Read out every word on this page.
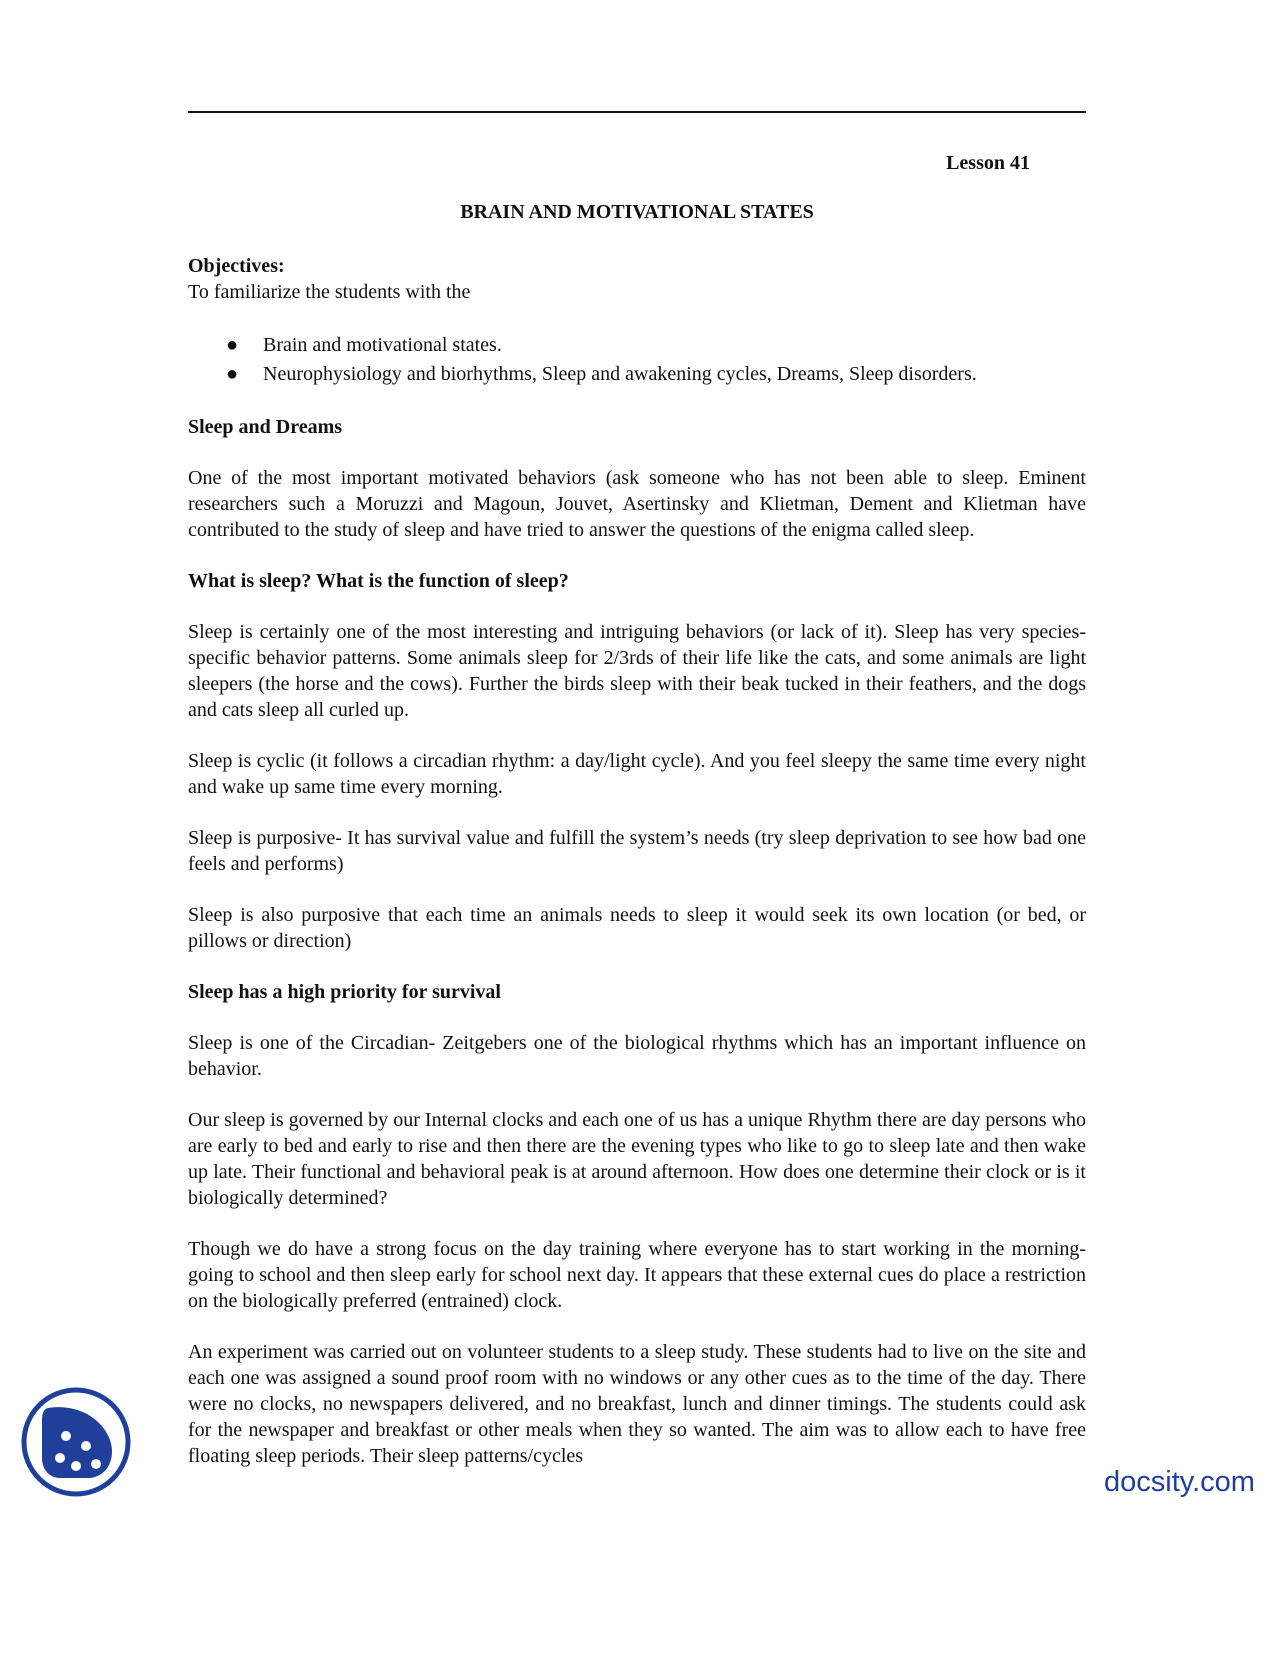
Lesson 41
BRAIN AND MOTIVATIONAL STATES

Objectives:

To familiarize the students with the

● Brain and motivational states.
● Neurophysiology and biorhythms, Sleep and awakening cycles, Dreams, Sleep disorders.

Sleep and Dreams

One of the most important motivated behaviors (ask someone who has not been able to sleep. Eminent researchers such a Moruzzi and Magoun, Jouvet, Asertinsky and Klietman, Dement and Klietman have contributed to the study of sleep and have tried to answer the questions of the enigma called sleep.

What is sleep? What is the function of sleep?

Sleep is certainly one of the most interesting and intriguing behaviors (or lack of it). Sleep has very species- specific behavior patterns. Some animals sleep for 2/3rds of their life like the cats, and some animals are light sleepers (the horse and the cows). Further the birds sleep with their beak tucked in their feathers, and the dogs and cats sleep all curled up.

Sleep is cyclic (it follows a circadian rhythm: a day/light cycle). And you feel sleepy the same time every night and wake up same time every morning.

Sleep is purposive- It has survival value and fulfill the system’s needs (try sleep deprivation to see how bad one feels and performs)

Sleep is also purposive that each time an animals needs to sleep it would seek its own location (or bed, or pillows or direction)

Sleep has a high priority for survival

Sleep is one of the Circadian- Zeitgebers one of the biological rhythms which has an important influence on behavior.

Our sleep is governed by our Internal clocks and each one of us has a unique Rhythm there are day persons who are early to bed and early to rise and then there are the evening types who like to go to sleep late and then wake up late. Their functional and behavioral peak is at around afternoon. How does one determine their clock or is it biologically determined?

Though we do have a strong focus on the day training where everyone has to start working in the morning- going to school and then sleep early for school next day. It appears that these external cues do place a restriction on the biologically preferred (entrained) clock.

An experiment was carried out on volunteer students to a sleep study. These students had to live on the site and each one was assigned a sound proof room with no windows or any other cues as to the time of the day. There were no clocks, no newspapers delivered, and no breakfast, lunch and dinner timings. The students could ask for the newspaper and breakfast or other meals when they so wanted. The aim was to allow each to have free floating sleep periods. Their sleep patterns/cycles

docsity.com
